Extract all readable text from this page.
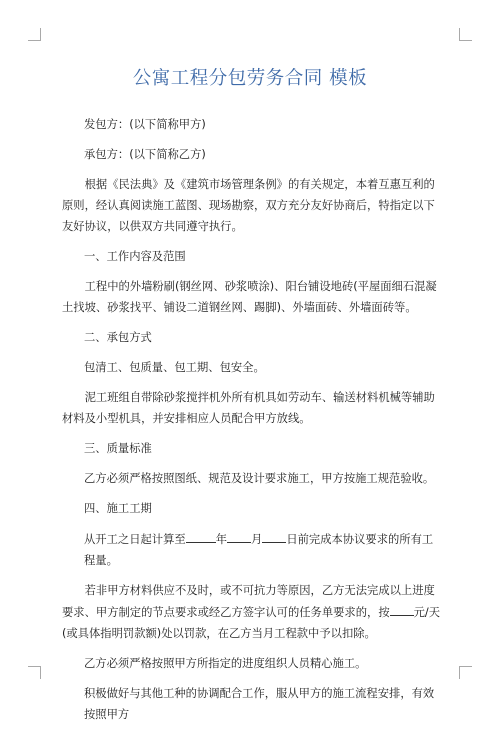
公寓工程分包劳务合同 模板

发包方：(以下简称甲方)

承包方：(以下简称乙方)

根据《民法典》及《建筑市场管理条例》的有关规定，本着互惠互利的原则，经认真阅读施工蓝图、现场勘察，双方充分友好协商后，特指定以下友好协议，以供双方共同遵守执行。

一、工作内容及范围

工程中的外墙粉刷(钢丝网、砂浆喷涂)、阳台铺设地砖(平屋面细石混凝土找坡、砂浆找平、铺设二道钢丝网、踢脚)、外墙面砖、外墙面砖等。

二、承包方式

包清工、包质量、包工期、包安全。

泥工班组自带除砂浆搅拌机外所有机具如劳动车、输送材料机械等辅助材料及小型机具，并安排相应人员配合甲方放线。

三、质量标准

乙方必须严格按照图纸、规范及设计要求施工，甲方按施工规范验收。

四、施工工期

从开工之日起计算至	年 月 日前完成本协议要求的所有工程量。

若非甲方材料供应不及时，或不可抗力等原因，乙方无法完成以上进度要求、甲方制定的节点要求或经乙方签字认可的任务单要求的，按 元/天(或具体指明罚款额)处以罚款，在乙方当月工程款中予以扣除。

乙方必须严格按照甲方所指定的进度组织人员精心施工。

积极做好与其他工种的协调配合工作，服从甲方的施工流程安排，有效按照甲方
